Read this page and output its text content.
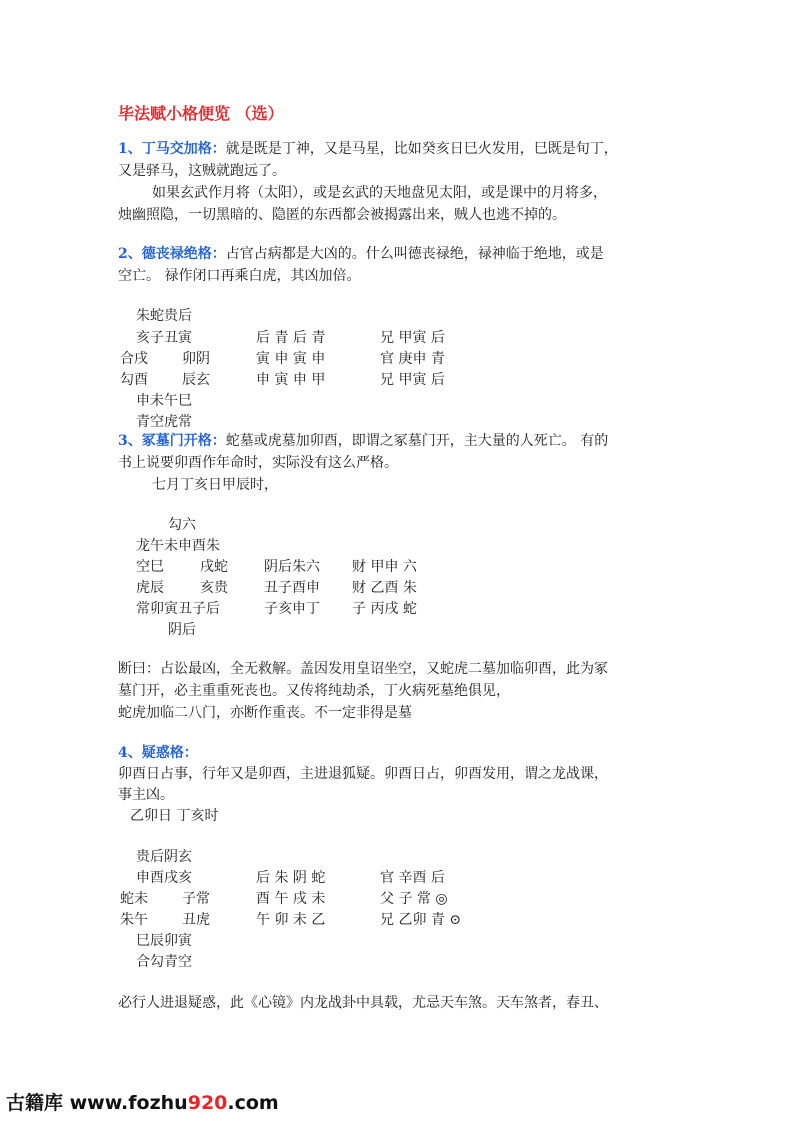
毕法赋小格便览 （选）
1、丁马交加格：就是既是丁神，又是马星，比如癸亥日巳火发用，巳既是旬丁，
又是驿马，这贼就跑远了。
如果玄武作月将（太阳），或是玄武的天地盘见太阳，或是课中的月将多，
烛幽照隐，一切黑暗的、隐匿的东西都会被揭露出来，贼人也逃不掉的。
2、德丧禄绝格：占官占病都是大凶的。什么叫德丧禄绝，禄神临于绝地，或是
空亡。 禄作闭口再乘白虎，其凶加倍。
朱蛇贵后
亥子丑寅
合戌 卯阴
勾酉 辰玄
申未午巳
青空虎常
后 青 后 青
寅 申 寅 申
申 寅 申 甲
兄 甲寅 后
官 庚申 青
兄 甲寅 后
3、冢墓门开格：蛇墓或虎墓加卯酉，即谓之冢墓门开，主大量的人死亡。 有的
书上说要卯酉作年命时，实际没有这么严格。
七月丁亥日甲辰时，
勾六
龙午未申酉朱
空巳	戌蛇
虎辰	亥贵
常卯寅丑子后
阴后
阴后朱六
丑子酉申
子亥申丁
财 甲申 六
财 乙酉 朱
子 丙戌 蛇
断曰：占讼最凶，全无救解。盖因发用皇诏坐空，又蛇虎二墓加临卯酉，此为冢
墓门开，必主重重死丧也。又传将纯劫杀，丁火病死墓绝俱见，
蛇虎加临二八门，亦断作重丧。不一定非得是墓
4、疑惑格：
卯酉日占事，行年又是卯酉，主进退狐疑。卯酉日占，卯酉发用，谓之龙战课，
事主凶。
乙卯日 丁亥时
贵后阴玄
申酉戌亥
蛇未 子常
朱午 丑虎
巳辰卯寅
合勾青空
后 朱 阴 蛇
酉 午 戌 未
午 卯 未 乙
官 辛酉 后
父 子 常 ◎
兄 乙卯 青 ⊙
必行人进退疑惑，此《心镜》内龙战卦中具载，尤忌天车煞。天车煞者，春丑、
古籍库 www.fozhu920.com
